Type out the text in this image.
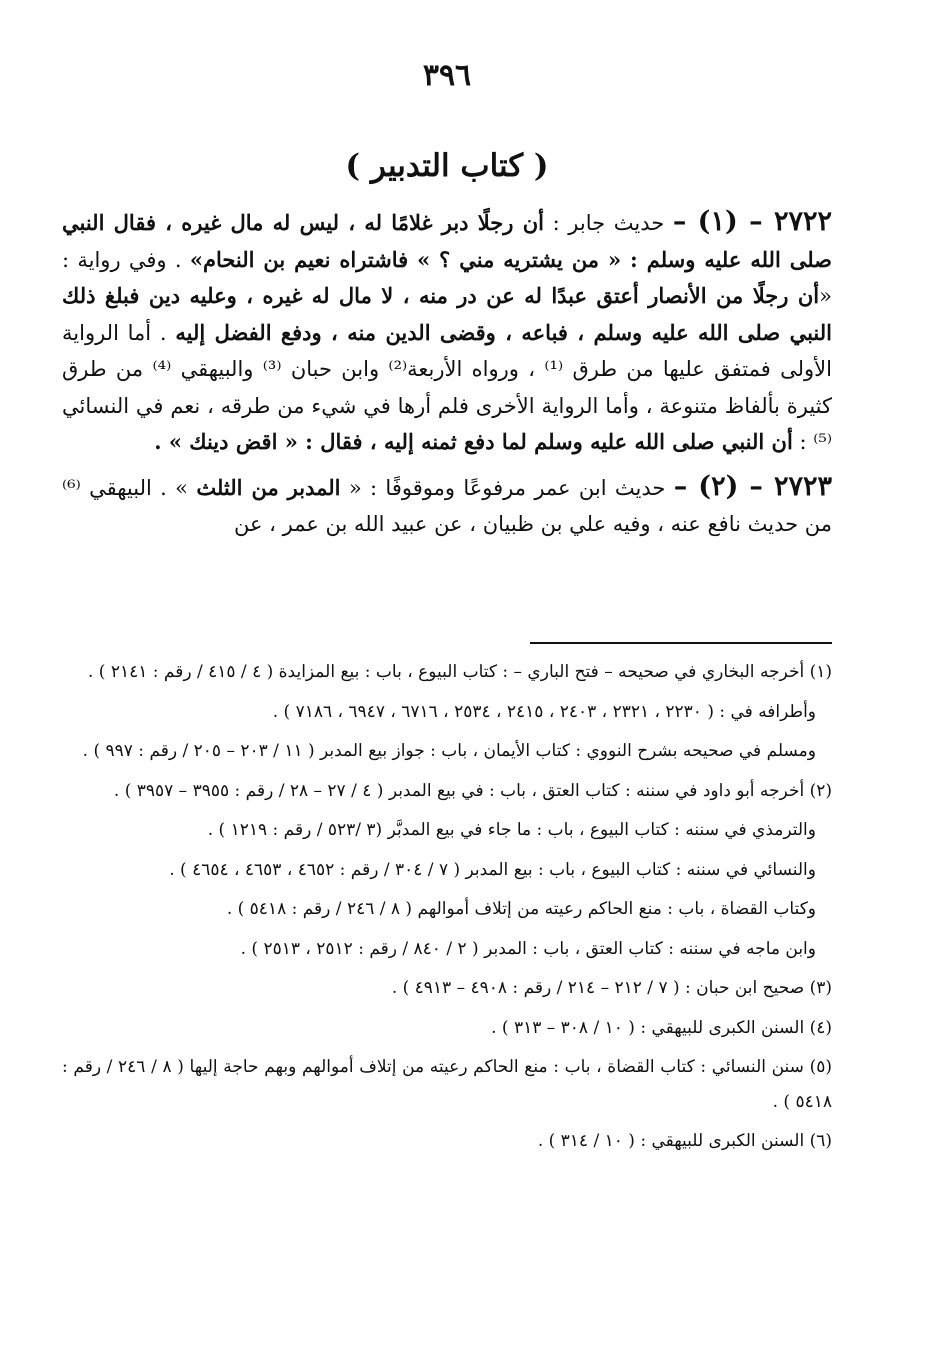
٣٩٦
( كتاب التدبير )

٢٧٢٢ – (١) – حديث جابر : أن رجلًا دبر غلامًا له ، ليس له مال غيره ، فقال النبي صلى الله عليه وسلم : « من يشتريه مني ؟ » فاشتراه نعيم بن النحام» . وفي رواية : «أن رجلًا من الأنصار أعتق عبدًا له عن در منه ، لا مال له غيره ، وعليه دين فبلغ ذلك النبي صلى الله عليه وسلم ، فباعه ، وقضى الدين منه ، ودفع الفضل إليه . أما الرواية الأولى فمتفق عليها من طرق ⁽¹⁾ ، ورواه الأربعة⁽²⁾ وابن حبان ⁽³⁾ والبيهقي ⁽⁴⁾ من طرق كثيرة بألفاظ متنوعة ، وأما الرواية الأخرى فلم أرها في شيء من طرقه ، نعم في النسائي ⁽⁵⁾ : أن النبي صلى الله عليه وسلم لما دفع ثمنه إليه ، فقال : « اقض دينك » .

٢٧٢٣ – (٢) – حديث ابن عمر مرفوعًا وموقوفًا : « المدبر من الثلث » . البيهقي ⁽⁶⁾ من حديث نافع عنه ، وفيه علي بن ظبيان ، عن عبيد الله بن عمر ، عن

(١) أخرجه البخاري في صحيحه – فتح الباري – : كتاب البيوع ، باب : بيع المزايدة ( ٤ / ٤١٥ / رقم : ٢١٤١ ) .

وأطرافه في : ( ٢٢٣٠ ، ٢٣٢١ ، ٢٤٠٣ ، ٢٤١٥ ، ٢٥٣٤ ، ٦٧١٦ ، ٦٩٤٧ ، ٧١٨٦ ) .

ومسلم في صحيحه بشرح النووي : كتاب الأيمان ، باب : جواز بيع المدبر ( ١١ / ٢٠٣ – ٢٠٥ / رقم : ٩٩٧ ) .

(٢) أخرجه أبو داود في سننه : كتاب العتق ، باب : في بيع المدبر ( ٤ / ٢٧ – ٢٨ / رقم : ٣٩٥٥ – ٣٩٥٧ ) .

والترمذي في سننه : كتاب البيوع ، باب : ما جاء في بيع المدبَّر (٣ /٥٢٣ / رقم : ١٢١٩ ) .

والنسائي في سننه : كتاب البيوع ، باب : بيع المدبر ( ٧ / ٣٠٤ / رقم : ٤٦٥٢ ، ٤٦٥٣ ، ٤٦٥٤ ) .

وكتاب القضاة ، باب : منع الحاكم رعيته من إتلاف أموالهم ( ٨ / ٢٤٦ / رقم : ٥٤١٨ ) .

وابن ماجه في سننه : كتاب العتق ، باب : المدبر ( ٢ / ٨٤٠ / رقم : ٢٥١٢ ، ٢٥١٣ ) .

(٣) صحيح ابن حبان : ( ٧ / ٢١٢ – ٢١٤ / رقم : ٤٩٠٨ – ٤٩١٣ ) .

(٤) السنن الكبرى للبيهقي : ( ١٠ / ٣٠٨ – ٣١٣ ) .

(٥) سنن النسائي : كتاب القضاة ، باب : منع الحاكم رعيته من إتلاف أموالهم وبهم حاجة إليها ( ٨ / ٢٤٦ / رقم : ٥٤١٨ ) .

(٦) السنن الكبرى للبيهقي : ( ١٠ / ٣١٤ ) .
